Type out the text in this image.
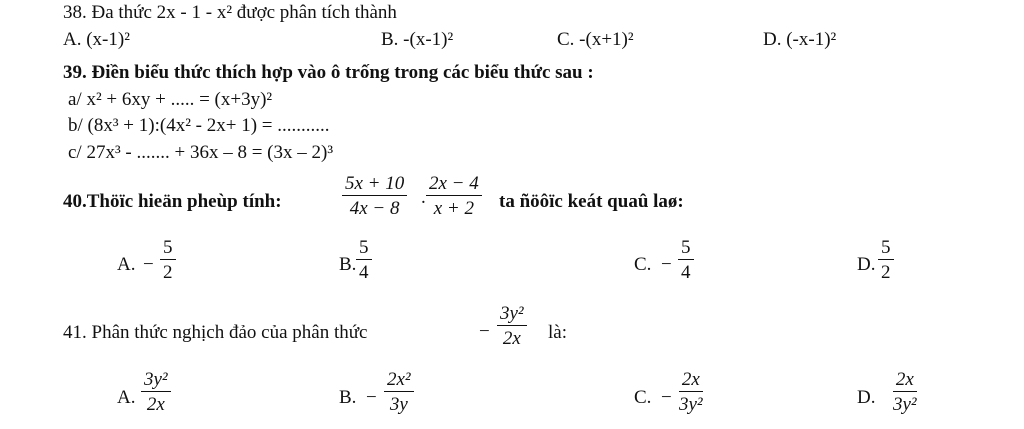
38. Đa thức 2x - 1 - x² được phân tích thành
A. (x-1)²	B. -(x-1)²	C. -(x+1)²	D. (-x-1)²
39. Điền biểu thức thích hợp vào ô trống trong các biểu thức sau :
a/ x² + 6xy + ..... = (x+3y)²
b/ (8x³ + 1):(4x² - 2x+ 1) = ...........
c/ 27x³ - ....... + 36x – 8 = (3x – 2)³
40.Thöïc hieän pheùp tính:	$\frac{5x + 10}{4x - 8}$ . $\frac{2x - 4}{x + 2}$ ta ñöôïc keát quaû laø:
A. − $\frac{5}{2}$	B. $\frac{5}{4}$	C. − $\frac{5}{4}$	D. $\frac{5}{2}$
41. Phân thức nghịch đảo của phân thức	− $\frac{\text{3y²}}{2x}$ là:
A. $\frac{\text{3y²}}{2x}$	B. − $\frac{\text{2x²}}{3y}$	C. − $\frac{2x}{\text{3y²}}$	D. $\frac{2x}{\text{3y²}}$
